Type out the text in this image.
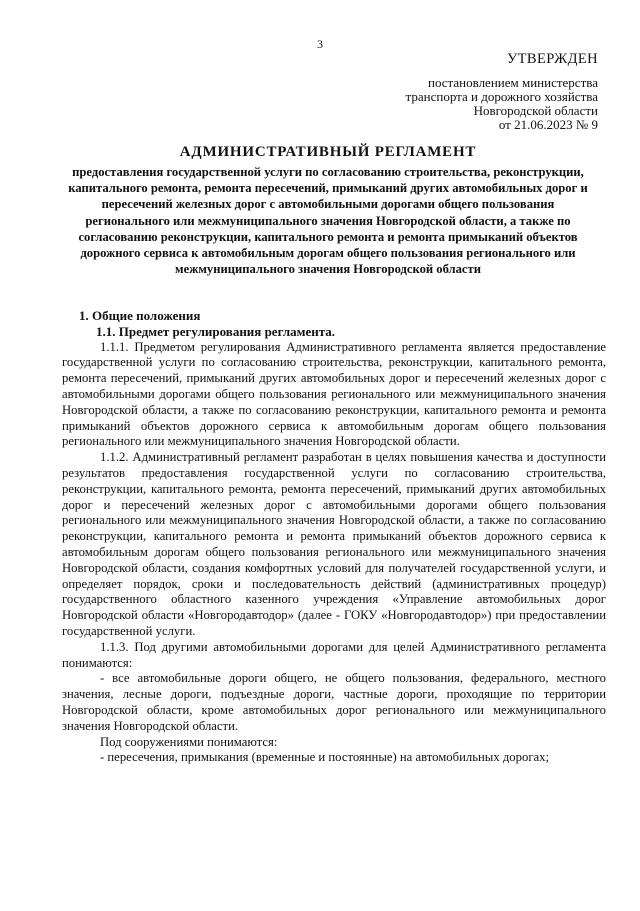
3
УТВЕРЖДЕН
постановлением министерства
транспорта и дорожного хозяйства
Новгородской области
от 21.06.2023 № 9
АДМИНИСТРАТИВНЫЙ РЕГЛАМЕНТ
предоставления государственной услуги по согласованию строительства, реконструкции, капитального ремонта, ремонта пересечений, примыканий других автомобильных дорог и пересечений железных дорог с автомобильными дорогами общего пользования регионального или межмуниципального значения Новгородской области, а также по согласованию реконструкции, капитального ремонта и ремонта примыканий объектов дорожного сервиса к автомобильным дорогам общего пользования регионального или межмуниципального значения Новгородской области
1. Общие положения
1.1. Предмет регулирования регламента.

1.1.1. Предметом регулирования Административного регламента является предоставление государственной услуги по согласованию строительства, реконструкции, капитального ремонта, ремонта пересечений, примыканий других автомобильных дорог и пересечений железных дорог с автомобильными дорогами общего пользования регионального или межмуниципального значения Новгородской области, а также по согласованию реконструкции, капитального ремонта и ремонта примыканий объектов дорожного сервиса к автомобильным дорогам общего пользования регионального или межмуниципального значения Новгородской области.

1.1.2. Административный регламент разработан в целях повышения качества и доступности результатов предоставления государственной услуги по согласованию строительства, реконструкции, капитального ремонта, ремонта пересечений, примыканий других автомобильных дорог и пересечений железных дорог с автомобильными дорогами общего пользования регионального или межмуниципального значения Новгородской области, а также по согласованию реконструкции, капитального ремонта и ремонта примыканий объектов дорожного сервиса к автомобильным дорогам общего пользования регионального или межмуниципального значения Новгородской области, создания комфортных условий для получателей государственной услуги, и определяет порядок, сроки и последовательность действий (административных процедур) государственного областного казенного учреждения «Управление автомобильных дорог Новгородской области «Новгородавтодор» (далее - ГОКУ «Новгородавтодор») при предоставлении государственной услуги.

1.1.3. Под другими автомобильными дорогами для целей Административного регламента понимаются:

- все автомобильные дороги общего, не общего пользования, федерального, местного значения, лесные дороги, подъездные дороги, частные дороги, проходящие по территории Новгородской области, кроме автомобильных дорог регионального или межмуниципального значения Новгородской области.

Под сооружениями понимаются:

- пересечения, примыкания (временные и постоянные) на автомобильных дорогах;
